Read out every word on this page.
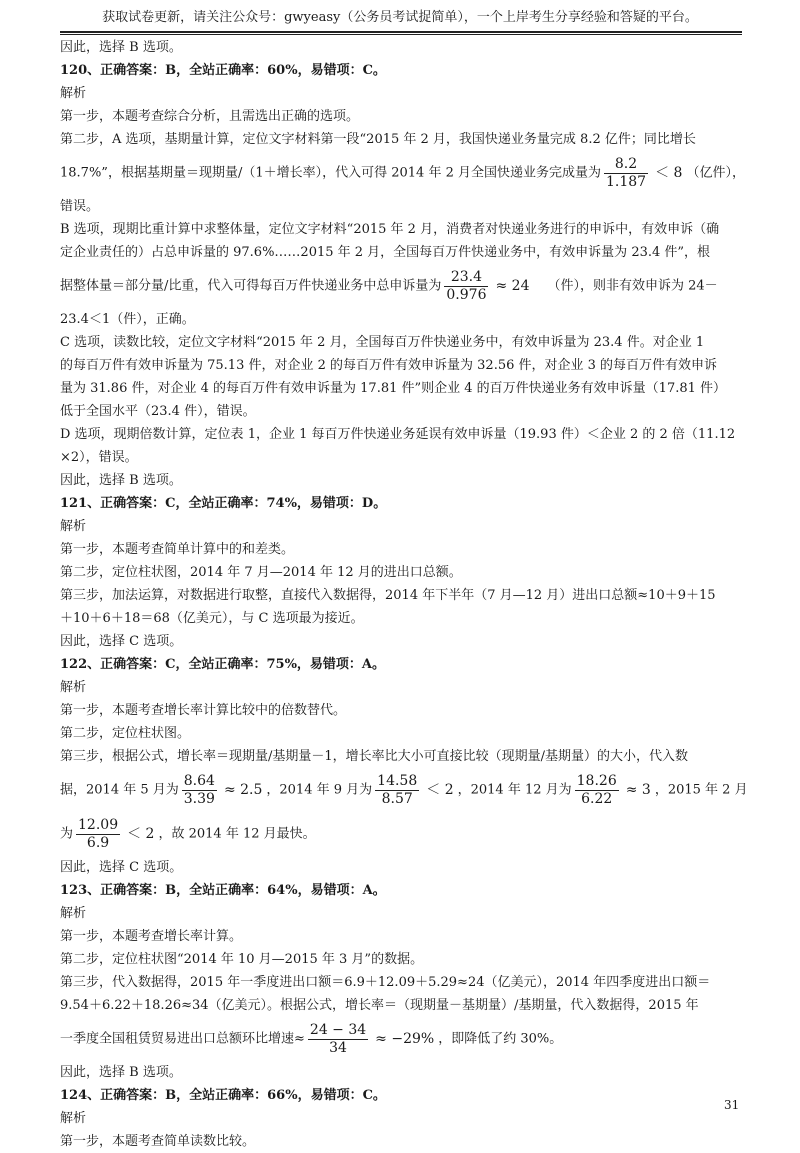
获取试卷更新，请关注公众号：gwyeasy（公务员考试捉简单），一个上岸考生分享经验和答疑的平台。
因此，选择 B 选项。
120、正确答案：B，全站正确率：60%，易错项：C。
解析
第一步，本题考查综合分析，且需选出正确的选项。
第二步，A 选项，基期量计算，定位文字材料第一段“2015 年 2 月，我国快递业务量完成 8.2 亿件；同比增长
18.7%”，根据基期量＝现期量/（1＋增长率），代入可得 2014 年 2 月全国快递业务完成量为 $\frac{8.2}{1.187} < 8$ （亿件），
错误。
B 选项，现期比重计算中求整体量，定位文字材料“2015 年 2 月，消费者对快递业务进行的申诉中，有效申诉（确
定企业责任的）占总申诉量的 97.6%……2015 年 2 月，全国每百万件快递业务中，有效申诉量为 23.4 件”，根
据整体量＝部分量/比重，代入可得每百万件快递业务中总申诉量为 $\frac{23.4}{0.976} \approx 24$ （件），则非有效申诉为 24－
23.4＜1（件），正确。
C 选项，读数比较，定位文字材料“2015 年 2 月，全国每百万件快递业务中，有效申诉量为 23.4 件。对企业 1
的每百万件有效申诉量为 75.13 件，对企业 2 的每百万件有效申诉量为 32.56 件，对企业 3 的每百万件有效申诉
量为 31.86 件，对企业 4 的每百万件有效申诉量为 17.81 件”则企业 4 的百万件快递业务有效申诉量（17.81 件）
低于全国水平（23.4 件），错误。
D 选项，现期倍数计算，定位表 1，企业 1 每百万件快递业务延误有效申诉量（19.93 件）＜企业 2 的 2 倍（11.12
×2），错误。
因此，选择 B 选项。
121、正确答案：C，全站正确率：74%，易错项：D。
解析
第一步，本题考查简单计算中的和差类。
第二步，定位柱状图，2014 年 7 月—2014 年 12 月的进出口总额。
第三步，加法运算，对数据进行取整，直接代入数据得，2014 年下半年（7 月—12 月）进出口总额≈10＋9＋15
＋10＋6＋18＝68（亿美元），与 C 选项最为接近。
因此，选择 C 选项。
122、正确答案：C，全站正确率：75%，易错项：A。
解析
第一步，本题考查增长率计算比较中的倍数替代。
第二步，定位柱状图。
第三步，根据公式，增长率＝现期量/基期量－1，增长率比大小可直接比较（现期量/基期量）的大小，代入数
据，2014 年 5 月为 $\frac{8.64}{3.39} \approx 2.5$ ，2014 年 9 月为 $\frac{14.58}{8.57} < 2$ ，2014 年 12 月为 $\frac{18.26}{6.22} \approx 3$ ，2015 年 2 月
为 $\frac{12.09}{6.9} < 2$ ，故 2014 年 12 月最快。
因此，选择 C 选项。
123、正确答案：B，全站正确率：64%，易错项：A。
解析
第一步，本题考查增长率计算。
第二步，定位柱状图“2014 年 10 月—2015 年 3 月”的数据。
第三步，代入数据得，2015 年一季度进出口额＝6.9＋12.09＋5.29≈24（亿美元），2014 年四季度进出口额＝
9.54＋6.22＋18.26≈34（亿美元）。根据公式，增长率＝（现期量－基期量）/基期量，代入数据得，2015 年
一季度全国租赁贸易进出口总额环比增速≈ $\frac{24 - 34}{34} \approx -29\%$ ，即降低了约 30%。
因此，选择 B 选项。
124、正确答案：B，全站正确率：66%，易错项：C。
解析
第一步，本题考查简单读数比较。
31
